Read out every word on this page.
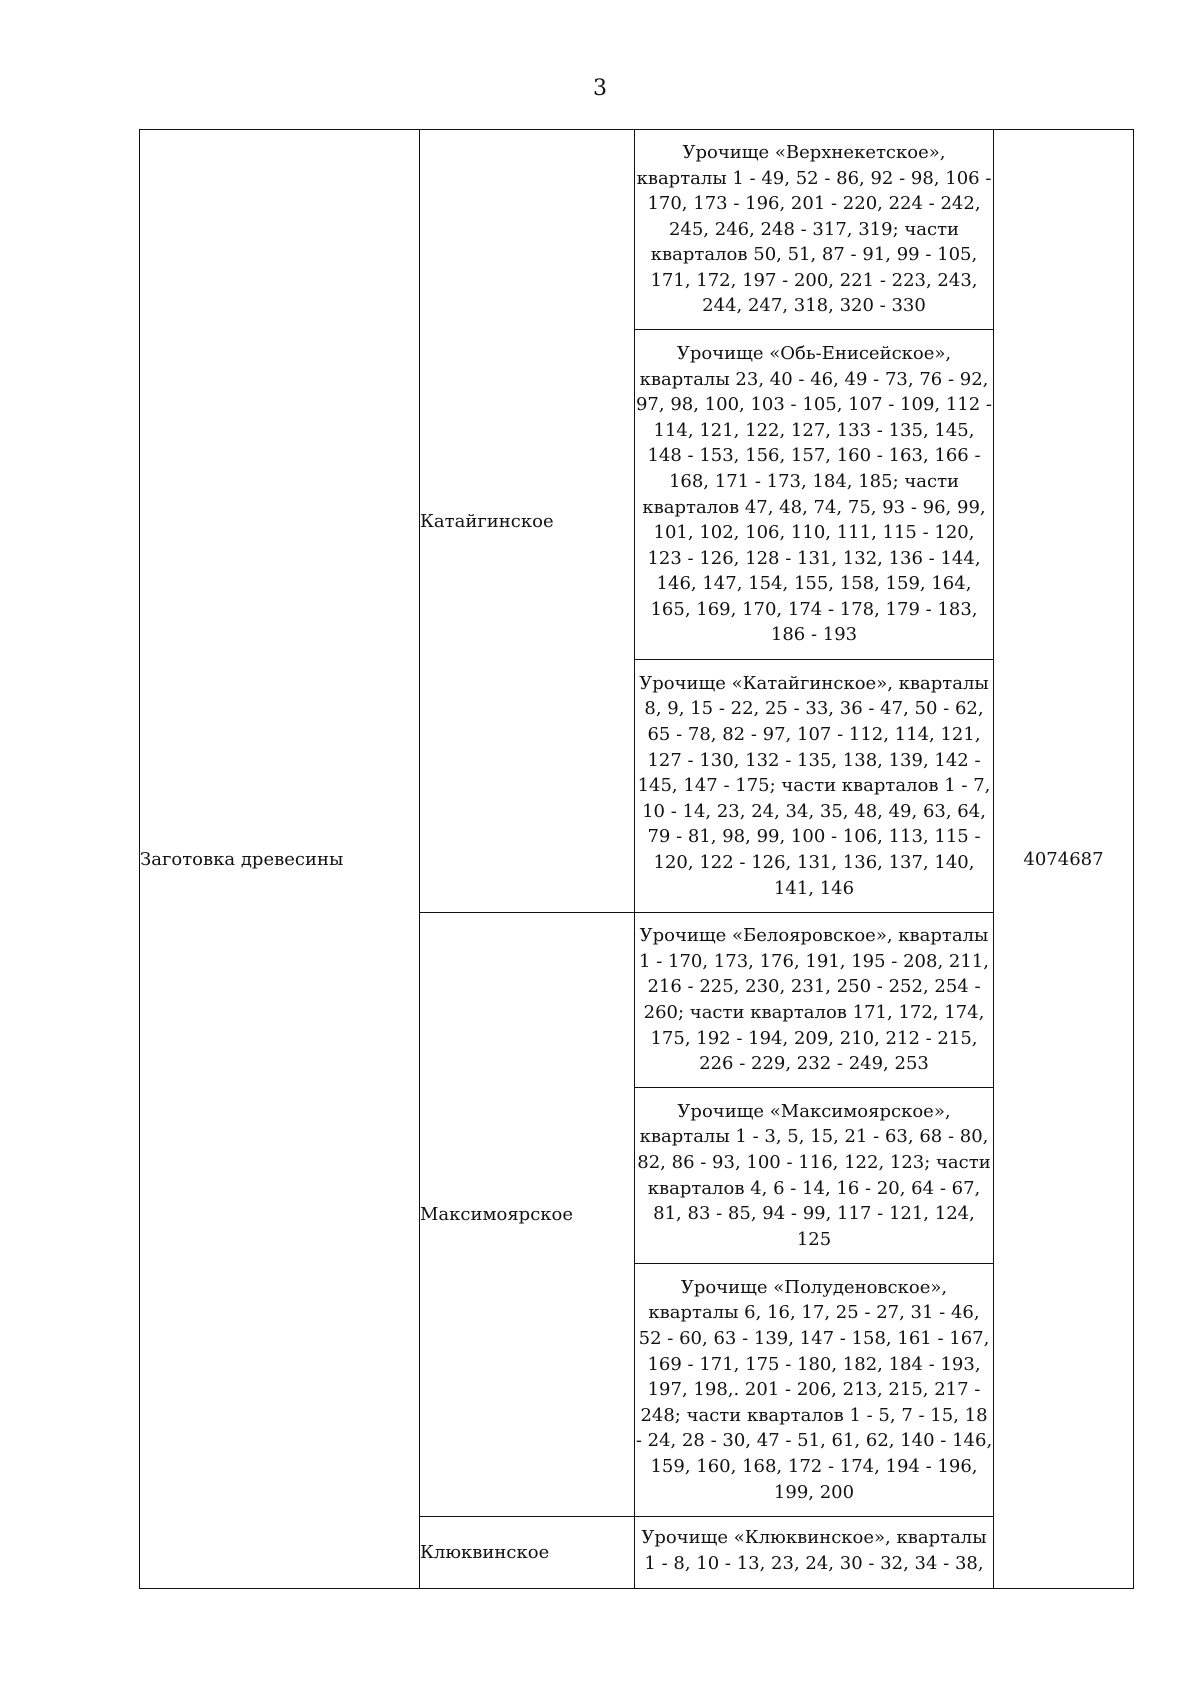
3
Заготовка древесины	Катайгинское	Урочище «Верхнекетское», кварталы 1 - 49, 52 - 86, 92 - 98, 106 - 170, 173 - 196, 201 - 220, 224 - 242, 245, 246, 248 - 317, 319; части кварталов 50, 51, 87 - 91, 99 - 105, 171, 172, 197 - 200, 221 - 223, 243, 244, 247, 318, 320 - 330	4074687

		Урочище «Обь-Енисейское», кварталы 23, 40 - 46, 49 - 73, 76 - 92, 97, 98, 100, 103 - 105, 107 - 109, 112 - 114, 121, 122, 127, 133 - 135, 145, 148 - 153, 156, 157, 160 - 163, 166 - 168, 171 - 173, 184, 185; части кварталов 47, 48, 74, 75, 93 - 96, 99, 101, 102, 106, 110, 111, 115 - 120, 123 - 126, 128 - 131, 132, 136 - 144, 146, 147, 154, 155, 158, 159, 164, 165, 169, 170, 174 - 178, 179 - 183, 186 - 193	

		Урочище «Катайгинское», кварталы 8, 9, 15 - 22, 25 - 33, 36 - 47, 50 - 62, 65 - 78, 82 - 97, 107 - 112, 114, 121, 127 - 130, 132 - 135, 138, 139, 142 - 145, 147 - 175; части кварталов 1 - 7, 10 - 14, 23, 24, 34, 35, 48, 49, 63, 64, 79 - 81, 98, 99, 100 - 106, 113, 115 - 120, 122 - 126, 131, 136, 137, 140, 141, 146	

	Максимоярское	Урочище «Белояровское», кварталы 1 - 170, 173, 176, 191, 195 - 208, 211, 216 - 225, 230, 231, 250 - 252, 254 - 260; части кварталов 171, 172, 174, 175, 192 - 194, 209, 210, 212 - 215, 226 - 229, 232 - 249, 253	

		Урочище «Максимоярское», кварталы 1 - 3, 5, 15, 21 - 63, 68 - 80, 82, 86 - 93, 100 - 116, 122, 123; части кварталов 4, 6 - 14, 16 - 20, 64 - 67, 81, 83 - 85, 94 - 99, 117 - 121, 124, 125	

		Урочище «Полуденовское», кварталы 6, 16, 17, 25 - 27, 31 - 46, 52 - 60, 63 - 139, 147 - 158, 161 - 167, 169 - 171, 175 - 180, 182, 184 - 193, 197, 198,. 201 - 206, 213, 215, 217 - 248; части кварталов 1 - 5, 7 - 15, 18 - 24, 28 - 30, 47 - 51, 61, 62, 140 - 146, 159, 160, 168, 172 - 174, 194 - 196, 199, 200	

	Клюквинское	Урочище «Клюквинское», кварталы 1 - 8, 10 - 13, 23, 24, 30 - 32, 34 - 38,	
